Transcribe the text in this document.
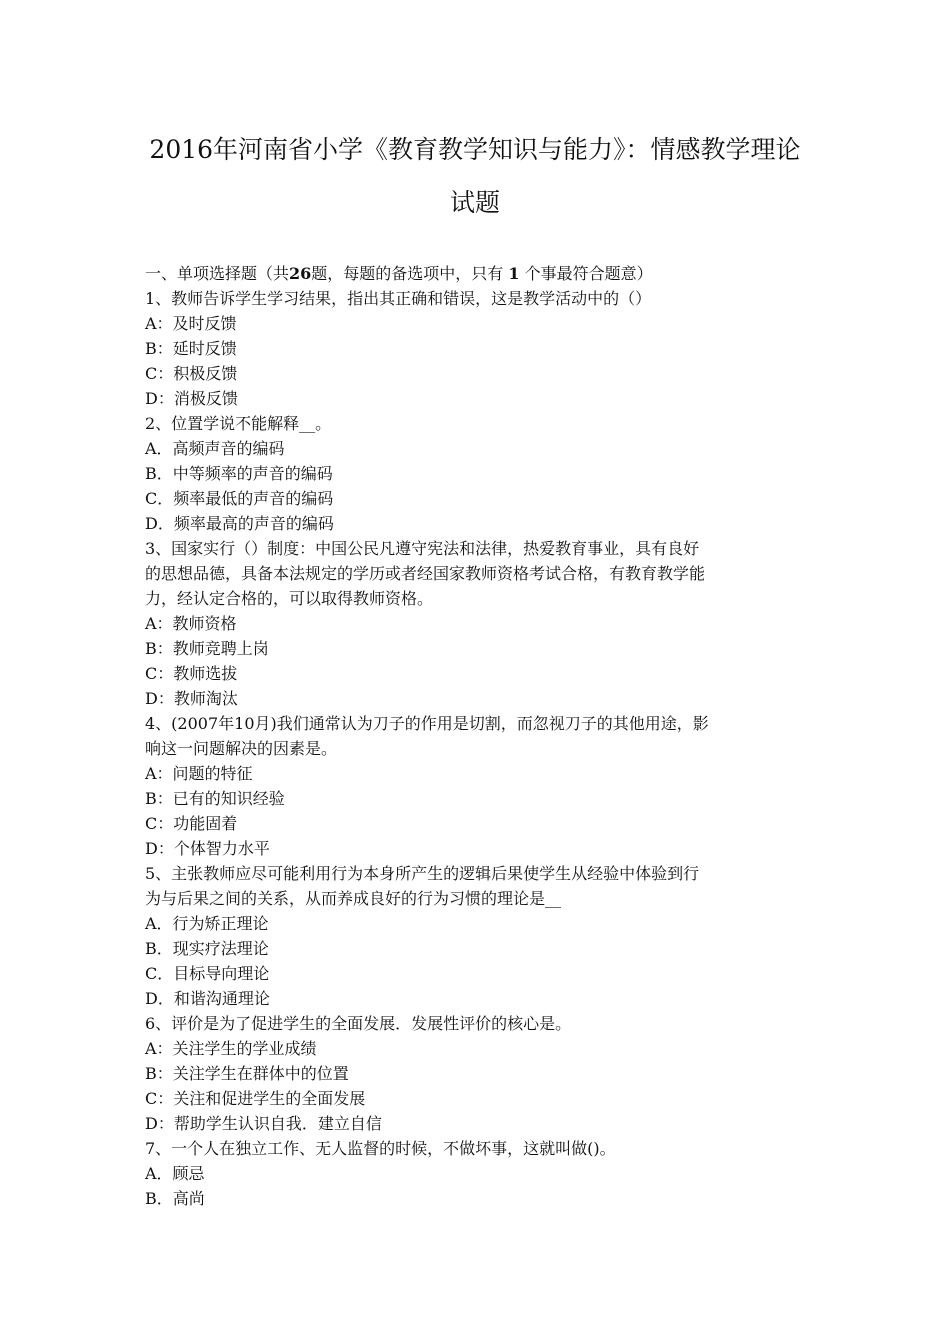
2016年河南省小学《教育教学知识与能力》：情感教学理论
试题

一、单项选择题（共26题，每题的备选项中，只有 1 个事最符合题意）

1、教师告诉学生学习结果，指出其正确和错误，这是教学活动中的（）

A：及时反馈

B：延时反馈

C：积极反馈

D：消极反馈

2、位置学说不能解释__。

A．高频声音的编码

B．中等频率的声音的编码

C．频率最低的声音的编码

D．频率最高的声音的编码

3、国家实行（）制度：中国公民凡遵守宪法和法律，热爱教育事业，具有良好

的思想品德，具备本法规定的学历或者经国家教师资格考试合格，有教育教学能

力，经认定合格的，可以取得教师资格。

A：教师资格

B：教师竞聘上岗

C：教师选拔

D：教师淘汰

4、(2007年10月)我们通常认为刀子的作用是切割，而忽视刀子的其他用途，影

响这一问题解决的因素是。

A：问题的特征

B：已有的知识经验

C：功能固着

D：个体智力水平

5、主张教师应尽可能利用行为本身所产生的逻辑后果使学生从经验中体验到行

为与后果之间的关系，从而养成良好的行为习惯的理论是__

A．行为矫正理论

B．现实疗法理论

C．目标导向理论

D．和谐沟通理论

6、评价是为了促进学生的全面发展．发展性评价的核心是。

A：关注学生的学业成绩

B：关注学生在群体中的位置

C：关注和促进学生的全面发展

D：帮助学生认识自我．建立自信

7、一个人在独立工作、无人监督的时候，不做坏事，这就叫做()。

A．顾忌

B．高尚
